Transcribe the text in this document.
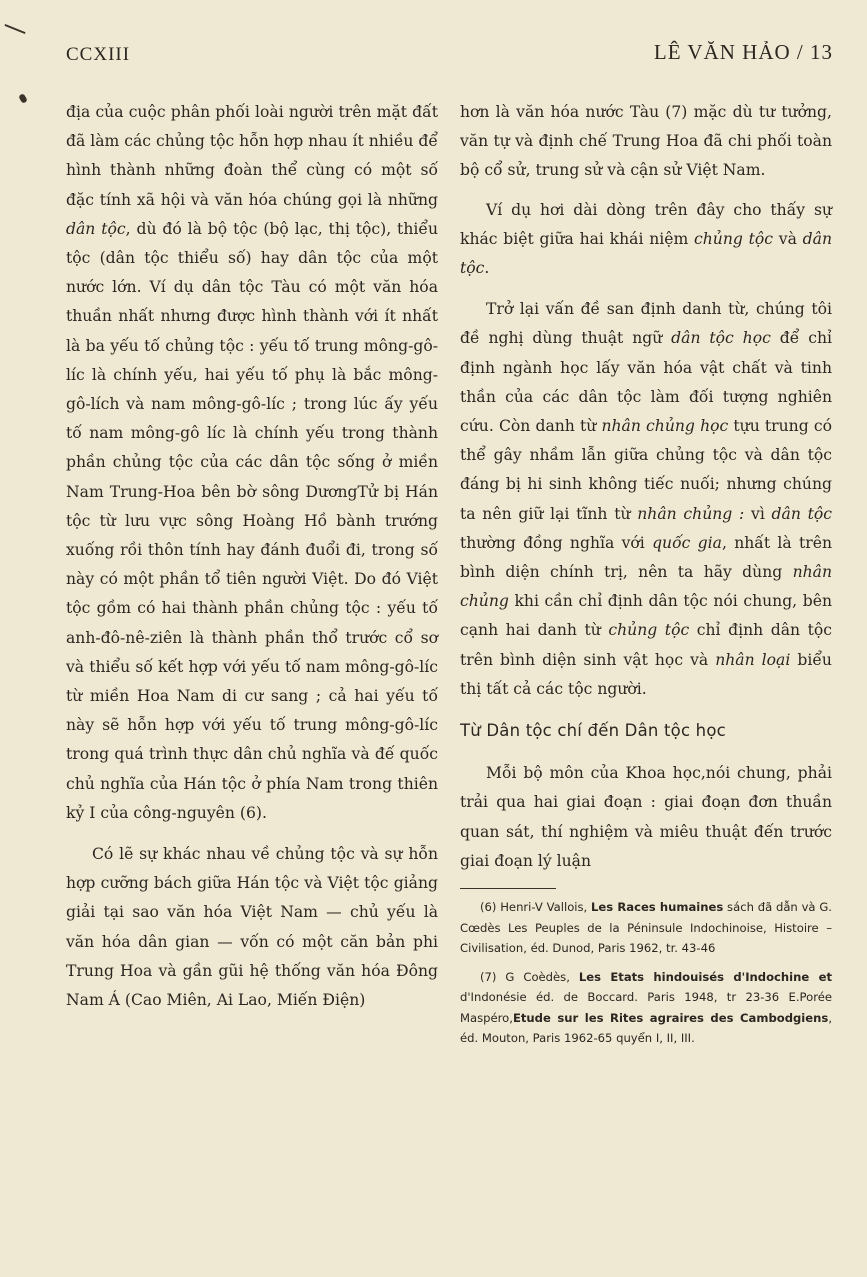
CCXIII	LÊ VĂN HẢO / 13

địa của cuộc phân phối loài người trên mặt đất đã làm các chủng tộc hỗn hợp nhau ít nhiều để hình thành những đoàn thể cùng có một số đặc tính xã hội và văn hóa chúng gọi là những dân tộc, dù đó là bộ tộc (bộ lạc, thị tộc), thiểu tộc (dân tộc thiểu số) hay dân tộc của một nước lớn. Ví dụ dân tộc Tàu có một văn hóa thuần nhất nhưng được hình thành với ít nhất là ba yếu tố chủng tộc : yếu tố trung mông-gô-líc là chính yếu, hai yếu tố phụ là bắc mông-gô-lích và nam mông-gô-líc ; trong lúc ấy yếu tố nam mông-gô líc là chính yếu trong thành phần chủng tộc của các dân tộc sống ở miền Nam Trung-Hoa bên bờ sông DươngTử bị Hán tộc từ lưu vực sông Hoàng Hồ bành trướng xuống rồi thôn tính hay đánh đuổi đi, trong số này có một phần tổ tiên người Việt. Do đó Việt tộc gồm có hai thành phần chủng tộc : yếu tố anh-đô-nê-ziên là thành phần thổ trước cổ sơ và thiểu số kết hợp với yếu tố nam mông-gô-líc từ miền Hoa Nam di cư sang ; cả hai yếu tố này sẽ hỗn hợp với yếu tố trung mông-gô-líc trong quá trình thực dân chủ nghĩa và đế quốc chủ nghĩa của Hán tộc ở phía Nam trong thiên kỷ I của công-nguyên (6).

Có lẽ sự khác nhau về chủng tộc và sự hỗn hợp cưỡng bách giữa Hán tộc và Việt tộc giảng giải tại sao văn hóa Việt Nam — chủ yếu là văn hóa dân gian — vốn có một căn bản phi Trung Hoa và gần gũi hệ thống văn hóa Đông Nam Á (Cao Miên, Ai Lao, Miến Điện)

hơn là văn hóa nước Tàu (7) mặc dù tư tưởng, văn tự và định chế Trung Hoa đã chi phối toàn bộ cổ sử, trung sử và cận sử Việt Nam.

Ví dụ hơi dài dòng trên đây cho thấy sự khác biệt giữa hai khái niệm chủng tộc và dân tộc.

Trở lại vấn đề san định danh từ, chúng tôi đề nghị dùng thuật ngữ dân tộc học để chỉ định ngành học lấy văn hóa vật chất và tinh thần của các dân tộc làm đối tượng nghiên cứu. Còn danh từ nhân chủng học tựu trung có thể gây nhầm lẫn giữa chủng tộc và dân tộc đáng bị hi sinh không tiếc nuối; nhưng chúng ta nên giữ lại tĩnh từ nhân chủng : vì dân tộc thường đồng nghĩa với quốc gia, nhất là trên bình diện chính trị, nên ta hãy dùng nhân chủng khi cần chỉ định dân tộc nói chung, bên cạnh hai danh từ chủng tộc chỉ định dân tộc trên bình diện sinh vật học và nhân loại biểu thị tất cả các tộc người.

Từ Dân tộc chí đến Dân tộc học

Mỗi bộ môn của Khoa học,nói chung, phải trải qua hai giai đoạn : giai đoạn đơn thuần quan sát, thí nghiệm và miêu thuật đến trước giai đoạn lý luận

(6) Henri-V Vallois, Les Races humaines sách đã dẫn và G. Cœdès Les Peuples de la Péninsule Indochinoise, Histoire – Civilisation, éd. Dunod, Paris 1962, tr. 43-46

(7) G Coèdès, Les Etats hindouisés d'Indochine et d'Indonésie éd. de Boccard. Paris 1948, tr 23-36 E.Porée Maspéro,Etude sur les Rites agraires des Cambodgiens, éd. Mouton, Paris 1962-65 quyển I, II, III.
